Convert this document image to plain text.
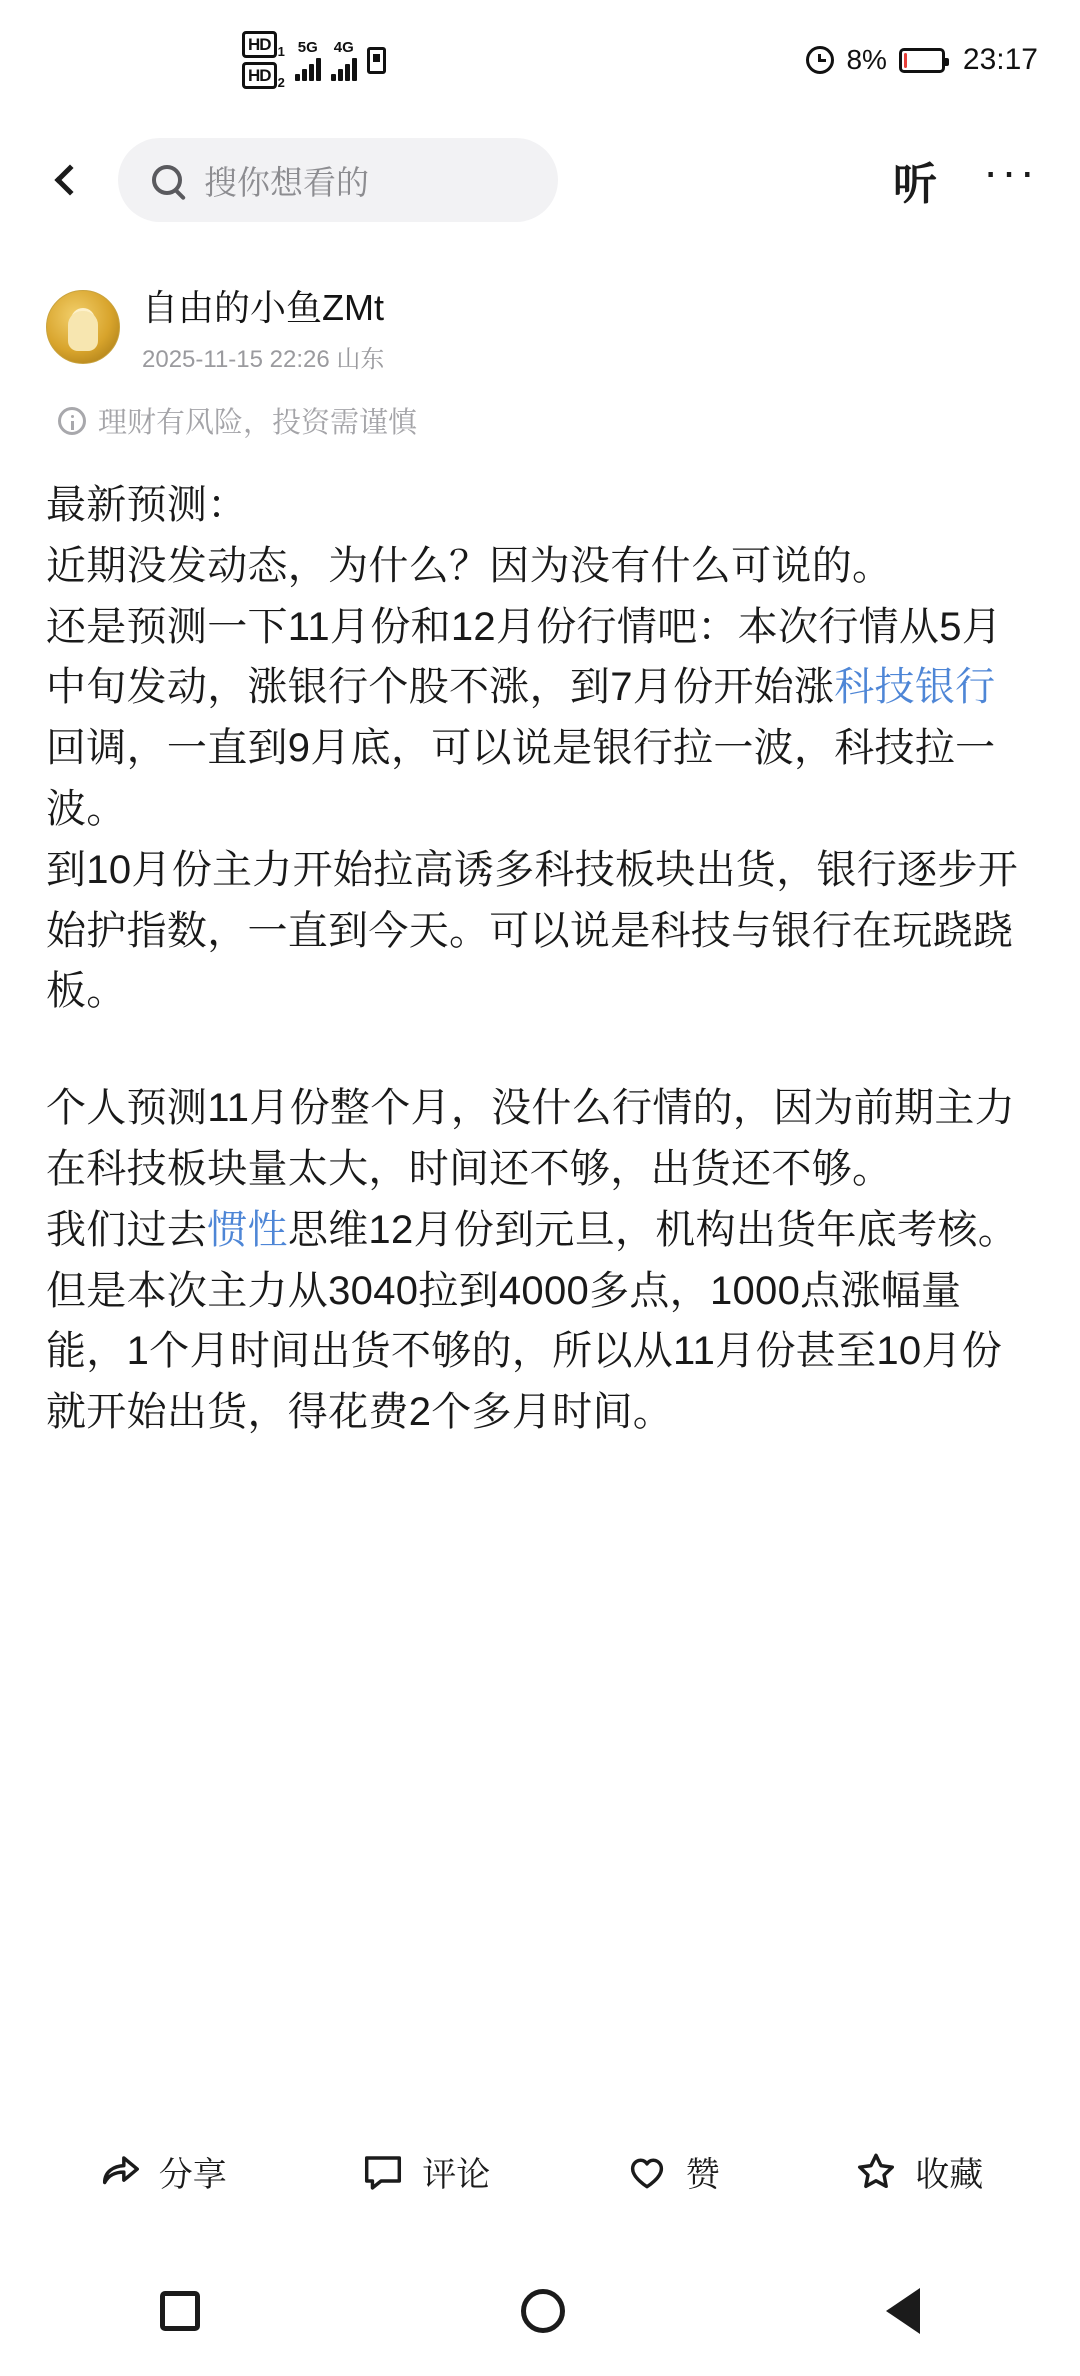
HD 1
HD 2
5G 4G	8%	23:17
搜你想看的	听	···
自由的小鱼ZMt
2025-11-15 22:26 山东
理财有风险，投资需谨慎

最新预测：

近期没发动态，为什么？因为没有什么可说的。

还是预测一下11月份和12月份行情吧：本次行情从5月中旬发动，涨银行个股不涨，到7月份开始涨科技银行回调，一直到9月底，可以说是银行拉一波，科技拉一波。

到10月份主力开始拉高诱多科技板块出货，银行逐步开始护指数，一直到今天。可以说是科技与银行在玩跷跷板。

个人预测11月份整个月，没什么行情的，因为前期主力在科技板块量太大，时间还不够，出货还不够。

我们过去惯性思维12月份到元旦，机构出货年底考核。但是本次主力从3040拉到4000多点，1000点涨幅量能，1个月时间出货不够的，所以从11月份甚至10月份就开始出货，得花费2个多月时间。

分享	评论	赞	收藏
